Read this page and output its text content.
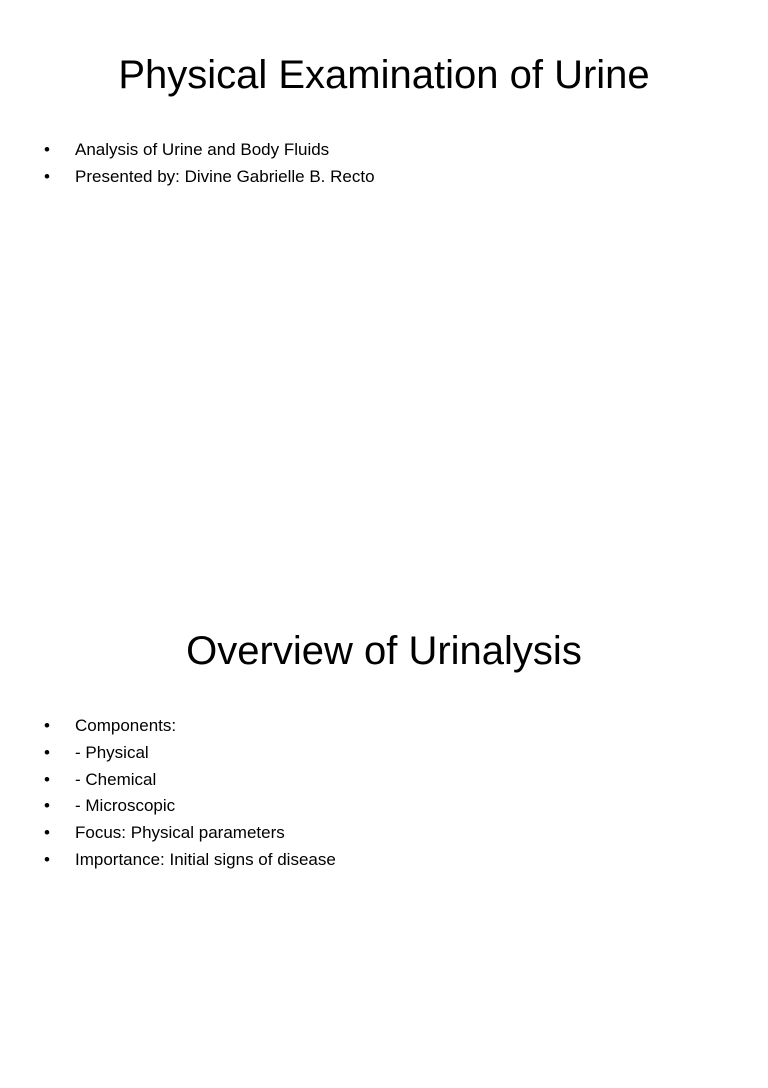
Physical Examination of Urine
• Analysis of Urine and Body Fluids
• Presented by: Divine Gabrielle B. Recto
Overview of Urinalysis
• Components:
• - Physical
• - Chemical
• - Microscopic
• Focus: Physical parameters
• Importance: Initial signs of disease
